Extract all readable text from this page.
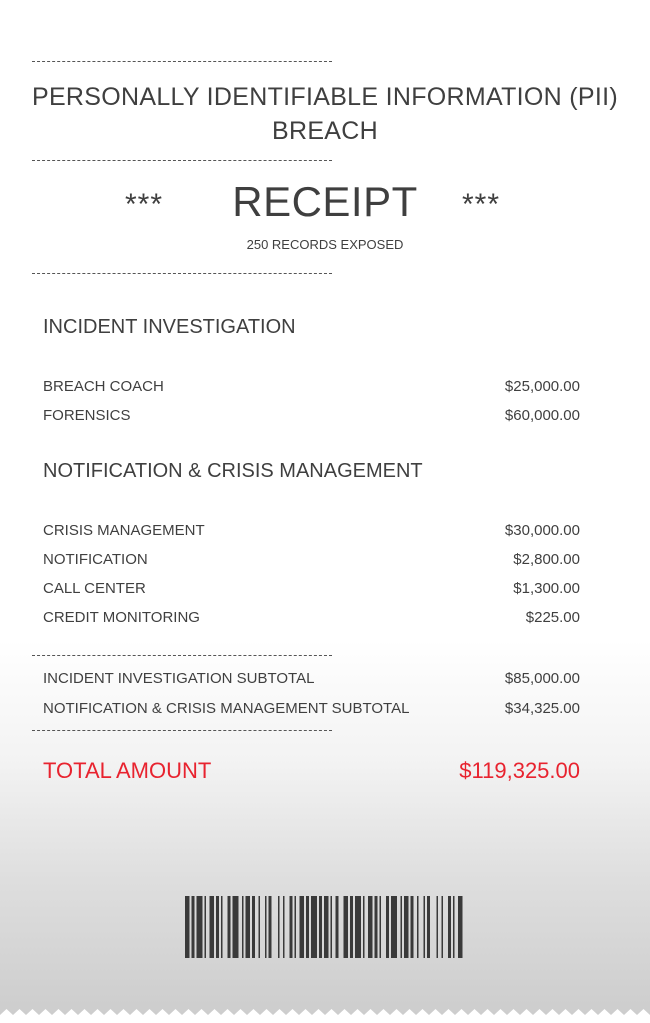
PERSONALLY IDENTIFIABLE INFORMATION (PII)
BREACH
***	RECEIPT	***
250 RECORDS EXPOSED
INCIDENT INVESTIGATION
BREACH COACH	$25,000.00
FORENSICS	$60,000.00
NOTIFICATION & CRISIS MANAGEMENT
CRISIS MANAGEMENT	$30,000.00
NOTIFICATION	$2,800.00
CALL CENTER	$1,300.00
CREDIT MONITORING	$225.00
INCIDENT INVESTIGATION SUBTOTAL	$85,000.00
NOTIFICATION & CRISIS MANAGEMENT SUBTOTAL	$34,325.00
TOTAL AMOUNT	$119,325.00
